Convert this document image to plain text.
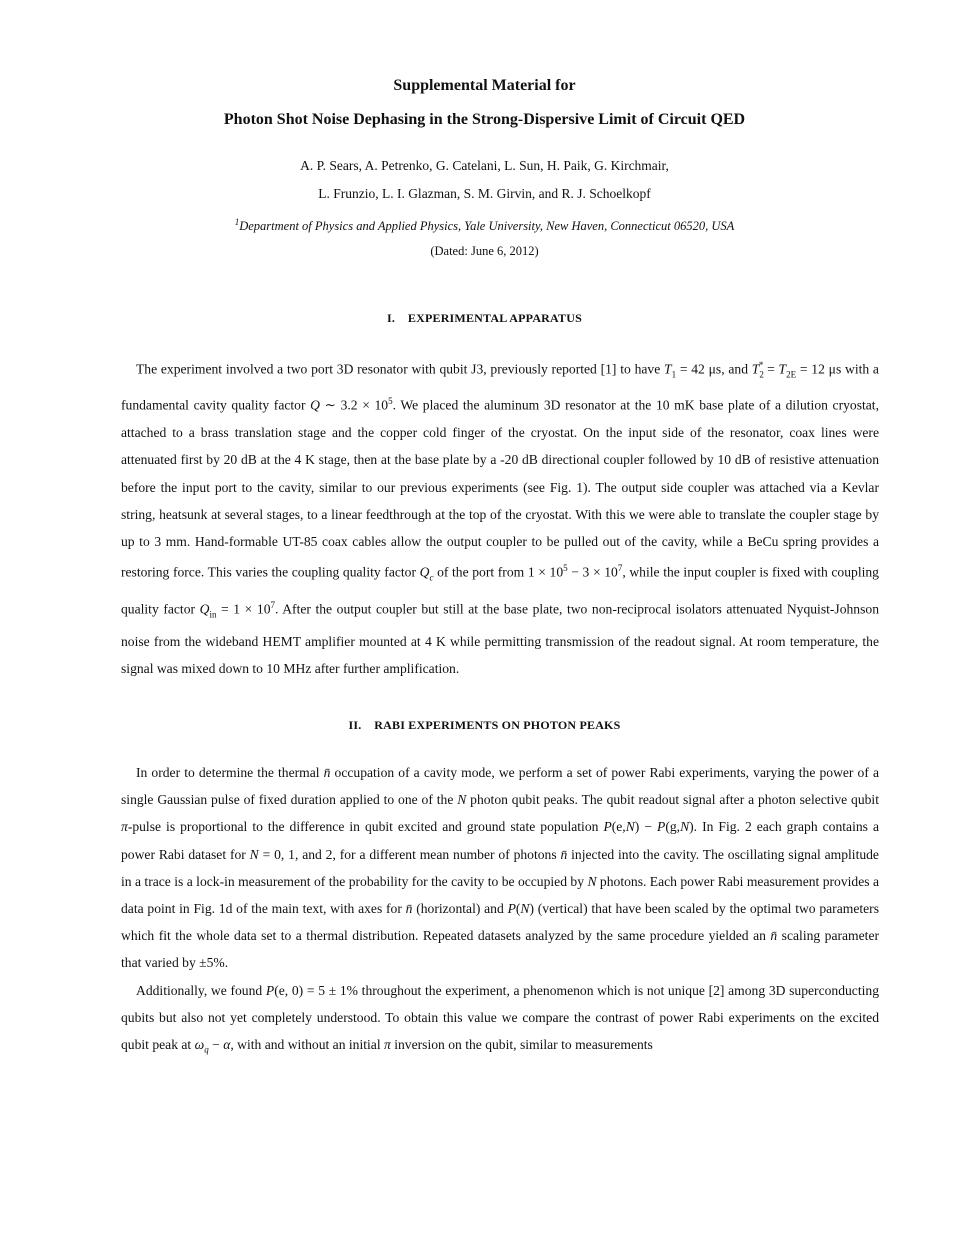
Supplemental Material for
Photon Shot Noise Dephasing in the Strong-Dispersive Limit of Circuit QED
A. P. Sears, A. Petrenko, G. Catelani, L. Sun, H. Paik, G. Kirchmair,
L. Frunzio, L. I. Glazman, S. M. Girvin, and R. J. Schoelkopf
$^1$Department of Physics and Applied Physics, Yale University, New Haven, Connecticut 06520, USA
(Dated: June 6, 2012)
I.    EXPERIMENTAL APPARATUS
The experiment involved a two port 3D resonator with qubit J3, previously reported [1] to have $T_1 = 42$ μs, and $T_2^* = T_{2E} = 12$ μs with a fundamental cavity quality factor Q ∼ $3.2 \times 10^5$. We placed the aluminum 3D resonator at the 10 mK base plate of a dilution cryostat, attached to a brass translation stage and the copper cold finger of the cryostat. On the input side of the resonator, coax lines were attenuated first by 20 dB at the 4 K stage, then at the base plate by a -20 dB directional coupler followed by 10 dB of resistive attenuation before the input port to the cavity, similar to our previous experiments (see Fig. 1). The output side coupler was attached via a Kevlar string, heatsunk at several stages, to a linear feedthrough at the top of the cryostat. With this we were able to translate the coupler stage by up to 3 mm. Hand-formable UT-85 coax cables allow the output coupler to be pulled out of the cavity, while a BeCu spring provides a restoring force. This varies the coupling quality factor $Q_c$ of the port from $1 \times 10^5 - 3 \times 10^7$, while the input coupler is fixed with coupling quality factor $Q_{in} = 1 \times 10^7$. After the output coupler but still at the base plate, two non-reciprocal isolators attenuated Nyquist-Johnson noise from the wideband HEMT amplifier mounted at 4 K while permitting transmission of the readout signal. At room temperature, the signal was mixed down to 10 MHz after further amplification.
II.    RABI EXPERIMENTS ON PHOTON PEAKS
In order to determine the thermal n̄ occupation of a cavity mode, we perform a set of power Rabi experiments, varying the power of a single Gaussian pulse of fixed duration applied to one of the N photon qubit peaks. The qubit readout signal after a photon selective qubit π-pulse is proportional to the difference in qubit excited and ground state population P(e,N) − P(g,N). In Fig. 2 each graph contains a power Rabi dataset for N = 0, 1, and 2, for a different mean number of photons n̄ injected into the cavity. The oscillating signal amplitude in a trace is a lock-in measurement of the probability for the cavity to be occupied by N photons. Each power Rabi measurement provides a data point in Fig. 1d of the main text, with axes for n̄ (horizontal) and P(N) (vertical) that have been scaled by the optimal two parameters which fit the whole data set to a thermal distribution. Repeated datasets analyzed by the same procedure yielded an n̄ scaling parameter that varied by ±5%.
Additionally, we found P(e, 0) = 5 ± 1% throughout the experiment, a phenomenon which is not unique [2] among 3D superconducting qubits but also not yet completely understood. To obtain this value we compare the contrast of power Rabi experiments on the excited qubit peak at $\omega_q - \alpha$, with and without an initial π inversion on the qubit, similar to measurements
